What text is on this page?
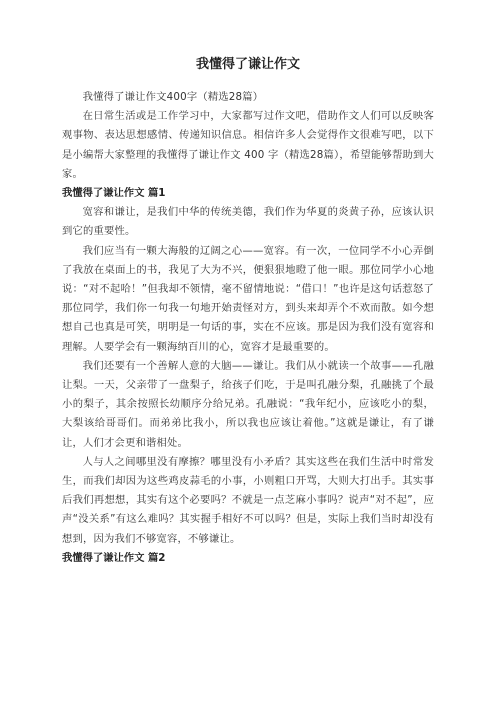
我懂得了谦让作文

我懂得了谦让作文400字（精选28篇）

在日常生活或是工作学习中，大家都写过作文吧，借助作文人们可以反映客观事物、表达思想感情、传递知识信息。相信许多人会觉得作文很难写吧，以下是小编帮大家整理的我懂得了谦让作文 400 字（精选28篇），希望能够帮助到大家。

我懂得了谦让作文 篇1

宽容和谦让，是我们中华的传统美德，我们作为华夏的炎黄子孙，应该认识到它的重要性。

我们应当有一颗大海般的辽阔之心——宽容。有一次，一位同学不小心弄倒了我放在桌面上的书，我见了大为不兴，便狠狠地瞪了他一眼。那位同学小心地说：“对不起哈！”但我却不领情，毫不留情地说：“借口！”也许是这句话惹怒了那位同学，我们你一句我一句地开始责怪对方，到头来却弄个不欢而散。如今想想自己也真是可笑，明明是一句话的事，实在不应该。那是因为我们没有宽容和理解。人要学会有一颗海纳百川的心，宽容才是最重要的。

我们还要有一个善解人意的大脑——谦让。我们从小就读一个故事——孔融让梨。一天，父亲带了一盘梨子，给孩子们吃，于是叫孔融分梨，孔融挑了个最小的梨子，其余按照长幼顺序分给兄弟。孔融说：“我年纪小，应该吃小的梨，大梨该给哥哥们。而弟弟比我小，所以我也应该让着他。”这就是谦让，有了谦让，人们才会更和谐相处。

人与人之间哪里没有摩擦？哪里没有小矛盾？其实这些在我们生活中时常发生，而我们却因为这些鸡皮蒜毛的小事，小则粗口开骂，大则大打出手。其实事后我们再想想，其实有这个必要吗？不就是一点芝麻小事吗？说声“对不起”，应声“没关系”有这么难吗？其实握手相好不可以吗？但是，实际上我们当时却没有想到，因为我们不够宽容，不够谦让。

我懂得了谦让作文 篇2
